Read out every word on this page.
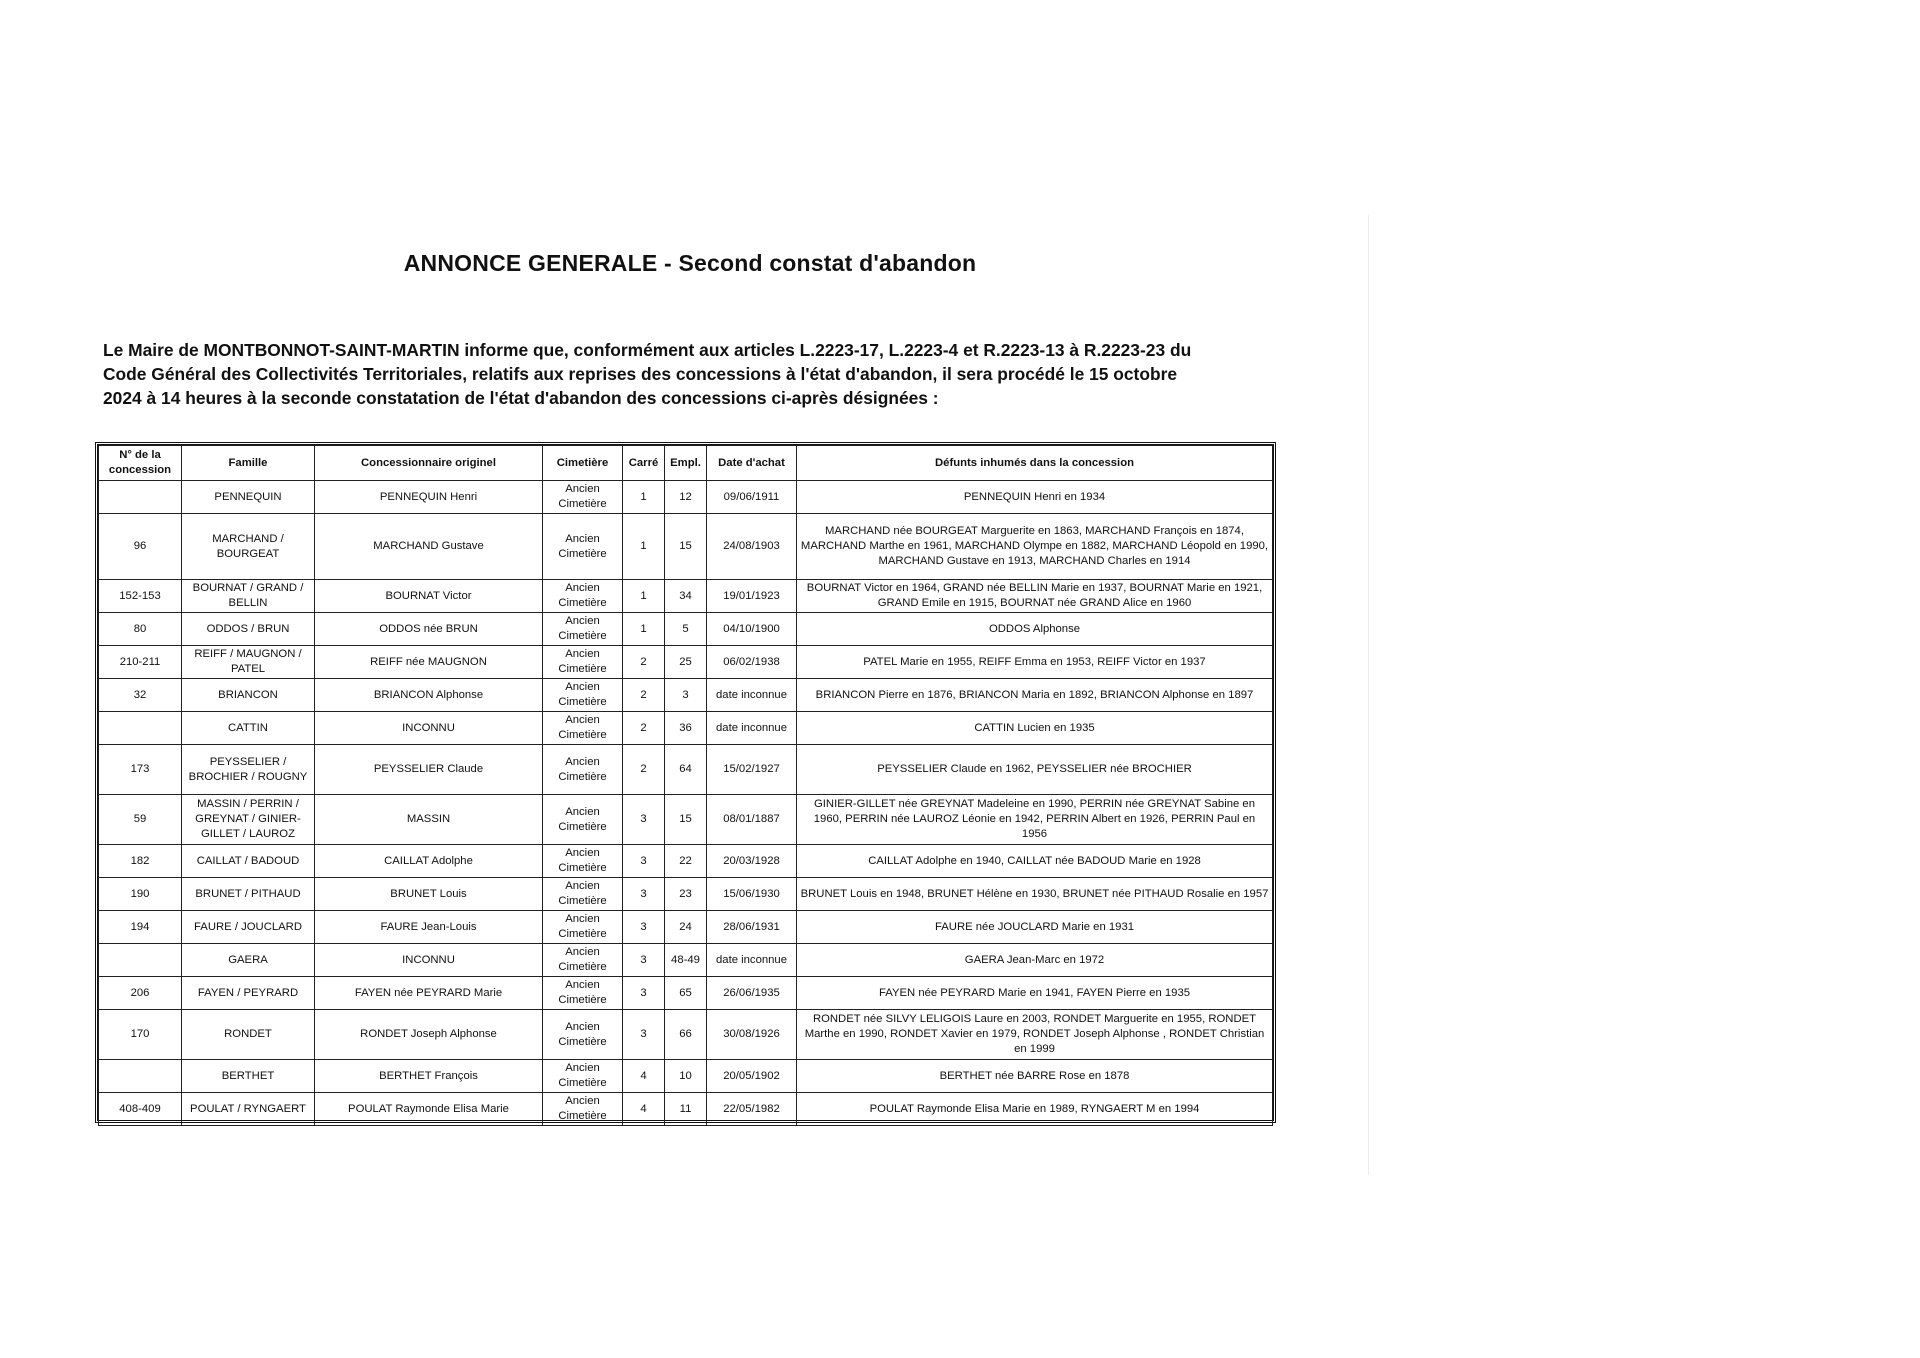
ANNONCE GENERALE - Second constat d'abandon
Le Maire de MONTBONNOT-SAINT-MARTIN informe que, conformément aux articles L.2223-17, L.2223-4 et R.2223-13 à R.2223-23 du
Code Général des Collectivités Territoriales, relatifs aux reprises des concessions à l'état d'abandon, il sera procédé le 15 octobre
2024 à 14 heures à la seconde constatation de l'état d'abandon des concessions ci-après désignées :
N° de la concession	Famille	Concessionnaire originel	Cimetière	Carré	Empl.	Date d'achat	Défunts inhumés dans la concession
	PENNEQUIN	PENNEQUIN Henri	Ancien Cimetière	1	12	09/06/1911	PENNEQUIN Henri en 1934
96	MARCHAND / BOURGEAT	MARCHAND Gustave	Ancien Cimetière	1	15	24/08/1903	MARCHAND née BOURGEAT Marguerite en 1863, MARCHAND François en 1874, MARCHAND Marthe en 1961, MARCHAND Olympe en 1882, MARCHAND Léopold en 1990, MARCHAND Gustave en 1913, MARCHAND Charles en 1914
152-153	BOURNAT / GRAND / BELLIN	BOURNAT Victor	Ancien Cimetière	1	34	19/01/1923	BOURNAT Victor en 1964, GRAND née BELLIN Marie en 1937, BOURNAT Marie en 1921, GRAND Emile en 1915, BOURNAT née GRAND Alice en 1960
80	ODDOS / BRUN	ODDOS née BRUN	Ancien Cimetière	1	5	04/10/1900	ODDOS Alphonse
210-211	REIFF / MAUGNON / PATEL	REIFF née MAUGNON	Ancien Cimetière	2	25	06/02/1938	PATEL Marie en 1955, REIFF Emma en 1953, REIFF Victor en 1937
32	BRIANCON	BRIANCON Alphonse	Ancien Cimetière	2	3	date inconnue	BRIANCON Pierre en 1876, BRIANCON Maria en 1892, BRIANCON Alphonse en 1897
	CATTIN	INCONNU	Ancien Cimetière	2	36	date inconnue	CATTIN Lucien en 1935
173	PEYSSELIER / BROCHIER / ROUGNY	PEYSSELIER Claude	Ancien Cimetière	2	64	15/02/1927	PEYSSELIER Claude en 1962, PEYSSELIER née BROCHIER
59	MASSIN / PERRIN / GREYNAT / GINIER-GILLET / LAUROZ	MASSIN	Ancien Cimetière	3	15	08/01/1887	GINIER-GILLET née GREYNAT Madeleine en 1990, PERRIN née GREYNAT Sabine en 1960, PERRIN née LAUROZ Léonie en 1942, PERRIN Albert en 1926, PERRIN Paul en 1956
182	CAILLAT / BADOUD	CAILLAT Adolphe	Ancien Cimetière	3	22	20/03/1928	CAILLAT Adolphe en 1940, CAILLAT née BADOUD Marie en 1928
190	BRUNET / PITHAUD	BRUNET Louis	Ancien Cimetière	3	23	15/06/1930	BRUNET Louis en 1948, BRUNET Hélène en 1930, BRUNET née PITHAUD Rosalie en 1957
194	FAURE / JOUCLARD	FAURE Jean-Louis	Ancien Cimetière	3	24	28/06/1931	FAURE née JOUCLARD Marie en 1931
	GAERA	INCONNU	Ancien Cimetière	3	48-49	date inconnue	GAERA Jean-Marc en 1972
206	FAYEN / PEYRARD	FAYEN née PEYRARD Marie	Ancien Cimetière	3	65	26/06/1935	FAYEN née PEYRARD Marie en 1941, FAYEN Pierre en 1935
170	RONDET	RONDET Joseph Alphonse	Ancien Cimetière	3	66	30/08/1926	RONDET née SILVY LELIGOIS Laure en 2003, RONDET Marguerite en 1955, RONDET Marthe en 1990, RONDET Xavier en 1979, RONDET Joseph Alphonse , RONDET Christian en 1999
	BERTHET	BERTHET François	Ancien Cimetière	4	10	20/05/1902	BERTHET née BARRE Rose en 1878
408-409	POULAT / RYNGAERT	POULAT Raymonde Elisa Marie	Ancien Cimetière	4	11	22/05/1982	POULAT Raymonde Elisa Marie en 1989, RYNGAERT M en 1994
